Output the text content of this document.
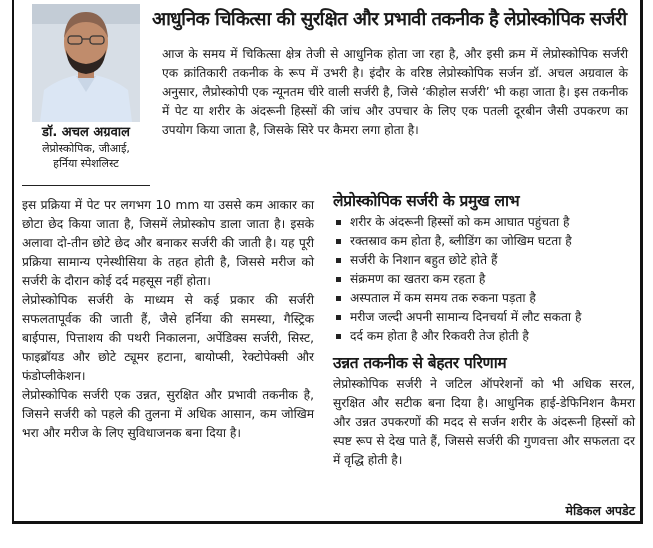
डॉ. अचल अग्रवाल
लेप्रोस्कोपिक, जीआई,
हर्निया स्पेशलिस्ट
आधुनिक चिकित्सा की सुरक्षित और प्रभावी तकनीक है लेप्रोस्कोपिक सर्जरी

आज के समय में चिकित्सा क्षेत्र तेजी से आधुनिक होता जा रहा है, और इसी क्रम में लेप्रोस्कोपिक सर्जरी एक क्रांतिकारी तकनीक के रूप में उभरी है। इंदौर के वरिष्ठ लेप्रोस्कोपिक सर्जन डॉ. अचल अग्रवाल के अनुसार, लैप्रोस्कोपी एक न्यूनतम चीरे वाली सर्जरी है, जिसे ‘कीहोल सर्जरी’ भी कहा जाता है। इस तकनीक में पेट या शरीर के अंदरूनी हिस्सों की जांच और उपचार के लिए एक पतली दूरबीन जैसी उपकरण का उपयोग किया जाता है, जिसके सिरे पर कैमरा लगा होता है।

इस प्रक्रिया में पेट पर लगभग 10 mm या उससे कम आकार का छोटा छेद किया जाता है, जिसमें लेप्रोस्कोप डाला जाता है। इसके अलावा दो-तीन छोटे छेद और बनाकर सर्जरी की जाती है। यह पूरी प्रक्रिया सामान्य एनेस्थीसिया के तहत होती है, जिससे मरीज को सर्जरी के दौरान कोई दर्द महसूस नहीं होता।

लेप्रोस्कोपिक सर्जरी के माध्यम से कई प्रकार की सर्जरी सफलतापूर्वक की जाती हैं, जैसे हर्निया की समस्या, गैस्ट्रिक बाईपास, पित्ताशय की पथरी निकालना, अपेंडिक्स सर्जरी, सिस्ट, फाइब्रॉयड और छोटे ट्यूमर हटाना, बायोप्सी, रेक्टोपेक्सी और फंडोप्लीकेशन।

लेप्रोस्कोपिक सर्जरी एक उन्नत, सुरक्षित और प्रभावी तकनीक है, जिसने सर्जरी को पहले की तुलना में अधिक आसान, कम जोखिम भरा और मरीज के लिए सुविधाजनक बना दिया है।

लेप्रोस्कोपिक सर्जरी के प्रमुख लाभ
शरीर के अंदरूनी हिस्सों को कम आघात पहुंचता है
रक्तस्राव कम होता है, ब्लीडिंग का जोखिम घटता है
सर्जरी के निशान बहुत छोटे होते हैं
संक्रमण का खतरा कम रहता है
अस्पताल में कम समय तक रुकना पड़ता है
मरीज जल्दी अपनी सामान्य दिनचर्या में लौट सकता है
दर्द कम होता है और रिकवरी तेज होती है
उन्नत तकनीक से बेहतर परिणाम

लेप्रोस्कोपिक सर्जरी ने जटिल ऑपरेशनों को भी अधिक सरल, सुरक्षित और सटीक बना दिया है। आधुनिक हाई-डेफिनिशन कैमरा और उन्नत उपकरणों की मदद से सर्जन शरीर के अंदरूनी हिस्सों को स्पष्ट रूप से देख पाते हैं, जिससे सर्जरी की गुणवत्ता और सफलता दर में वृद्धि होती है।

मेडिकल अपडेट
